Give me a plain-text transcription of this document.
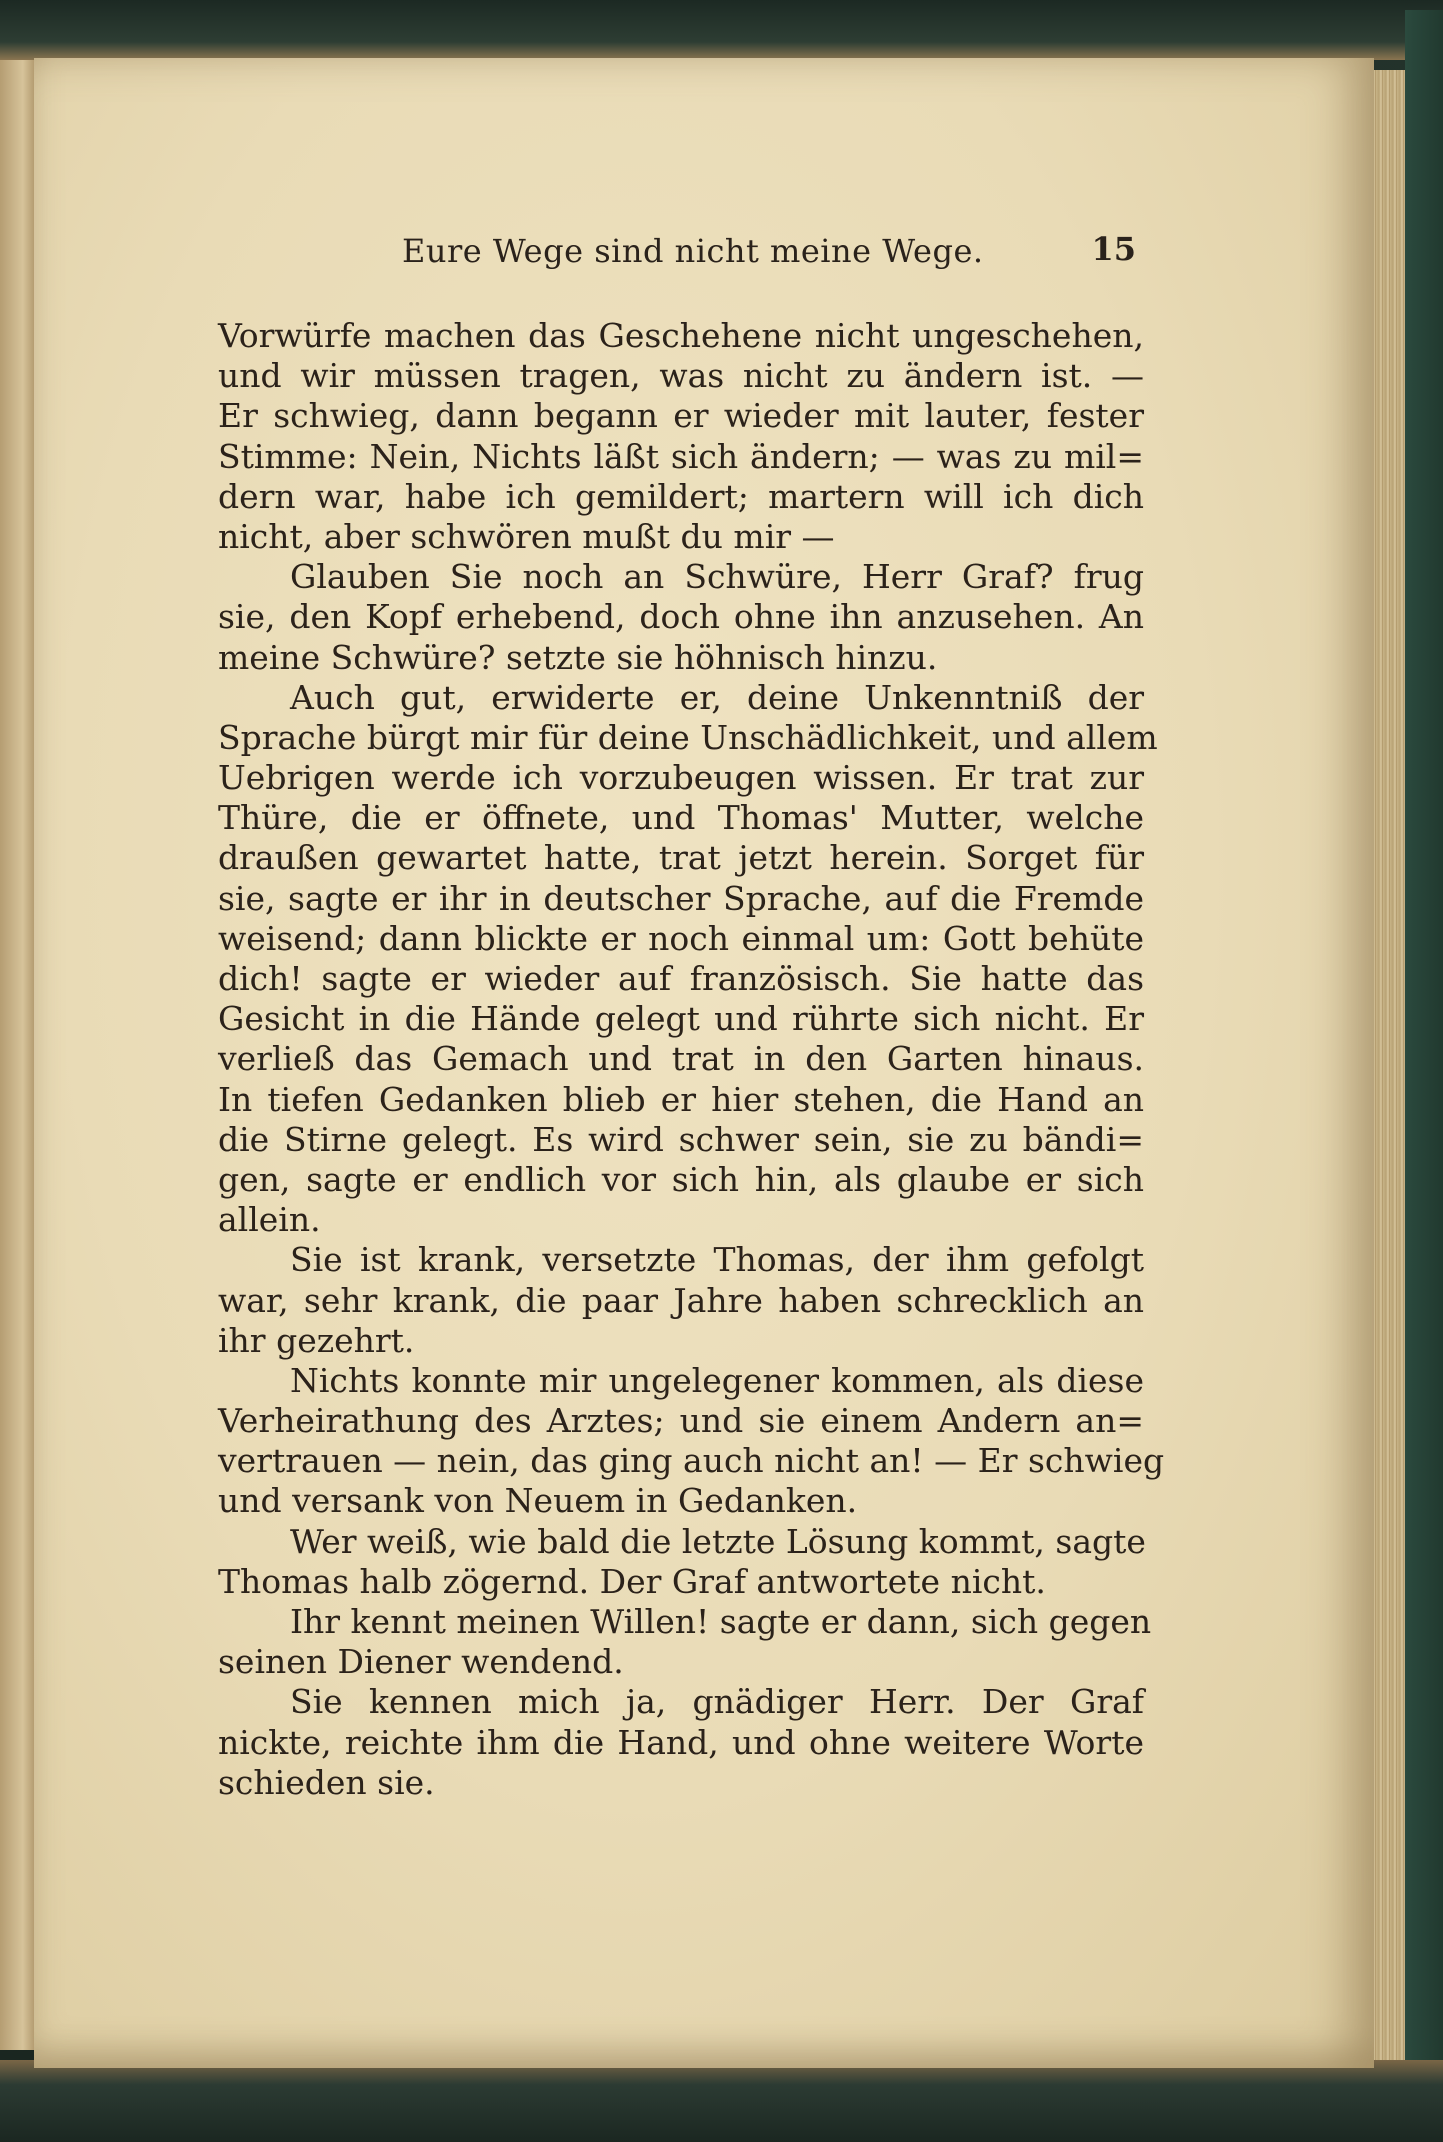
Eure Wege sind nicht meine Wege.	15
Vorwürfe machen das Geschehene nicht ungeschehen,
und wir müssen tragen, was nicht zu ändern ist. —
Er schwieg, dann begann er wieder mit lauter, fester
Stimme: Nein, Nichts läßt sich ändern; — was zu mil=
dern war, habe ich gemildert; martern will ich dich
nicht, aber schwören mußt du mir —
Glauben Sie noch an Schwüre, Herr Graf? frug
sie, den Kopf erhebend, doch ohne ihn anzusehen. An
meine Schwüre? setzte sie höhnisch hinzu.
Auch gut, erwiderte er, deine Unkenntniß der
Sprache bürgt mir für deine Unschädlichkeit, und allem
Uebrigen werde ich vorzubeugen wissen. Er trat zur
Thüre, die er öffnete, und Thomas' Mutter, welche
draußen gewartet hatte, trat jetzt herein. Sorget für
sie, sagte er ihr in deutscher Sprache, auf die Fremde
weisend; dann blickte er noch einmal um: Gott behüte
dich! sagte er wieder auf französisch. Sie hatte das
Gesicht in die Hände gelegt und rührte sich nicht. Er
verließ das Gemach und trat in den Garten hinaus.
In tiefen Gedanken blieb er hier stehen, die Hand an
die Stirne gelegt. Es wird schwer sein, sie zu bändi=
gen, sagte er endlich vor sich hin, als glaube er sich
allein.
Sie ist krank, versetzte Thomas, der ihm gefolgt
war, sehr krank, die paar Jahre haben schrecklich an
ihr gezehrt.
Nichts konnte mir ungelegener kommen, als diese
Verheirathung des Arztes; und sie einem Andern an=
vertrauen — nein, das ging auch nicht an! — Er schwieg
und versank von Neuem in Gedanken.
Wer weiß, wie bald die letzte Lösung kommt, sagte
Thomas halb zögernd. Der Graf antwortete nicht.
Ihr kennt meinen Willen! sagte er dann, sich gegen
seinen Diener wendend.
Sie kennen mich ja, gnädiger Herr. Der Graf
nickte, reichte ihm die Hand, und ohne weitere Worte
schieden sie.
